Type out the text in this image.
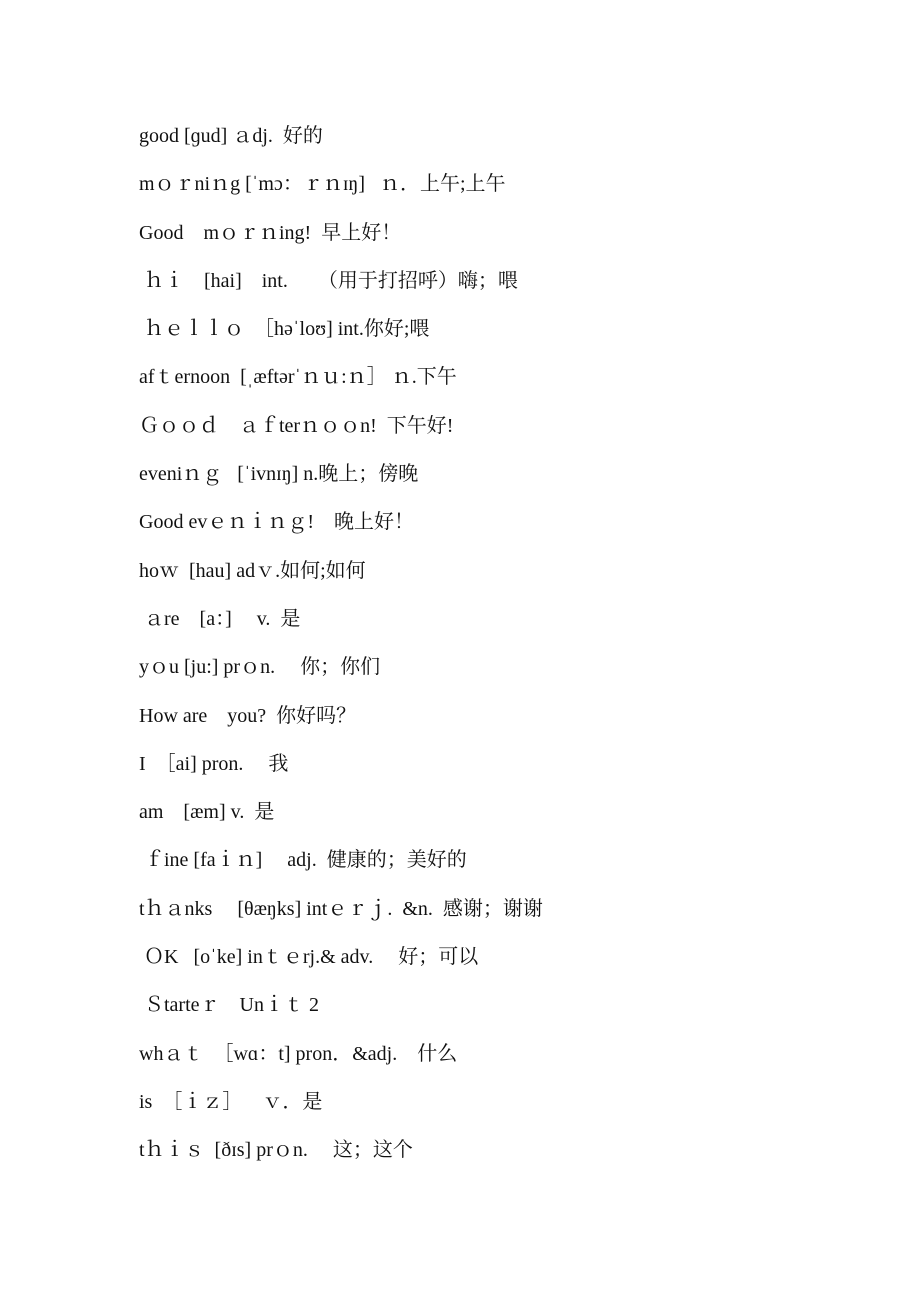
good [ɡud] ａdj.  好的
mｏｒniｎg [ˈmɔ：ｒｎɪŋ]   ｎ．上午;上午
Good    mｏｒｎing!  早上好！
ｈｉ    [hai]    int.      （用于打招呼）嗨；喂
ｈｅｌｌｏ  ［həˈloʊ] int.你好;喂
afｔernoon  [ˌæftərˈｎｕ:ｎ］ ｎ.下午
Ｇｏｏｄ    ａｆterｎｏｏn!  下午好!
eveniｎｇ   [ˈivnɪŋ] n.晚上；傍晚
Good evｅｎｉｎｇ!    晚上好！
hoｗ  [hau] adｖ.如何;如何
ａre    [a：]     v.  是
yｏu [ju:] prｏn.     你；你们
How are    you?  你好吗？
I  ［ai] pron.     我
am    [æm] v.  是
ｆine [faｉｎ]     adj.  健康的；美好的
tｈａnks     [θæŋks] intｅｒｊ.  &n.  感谢；谢谢
ＯK   [oˈke] inｔｅrj.& adv.     好；可以
Ｓtarteｒ    Unｉｔ 2
whａｔ  ［wɑ：t] pron．&adj.    什么
is  ［ｉｚ］    ｖ．是
tｈｉｓ  [ðɪs] prｏn.     这；这个
